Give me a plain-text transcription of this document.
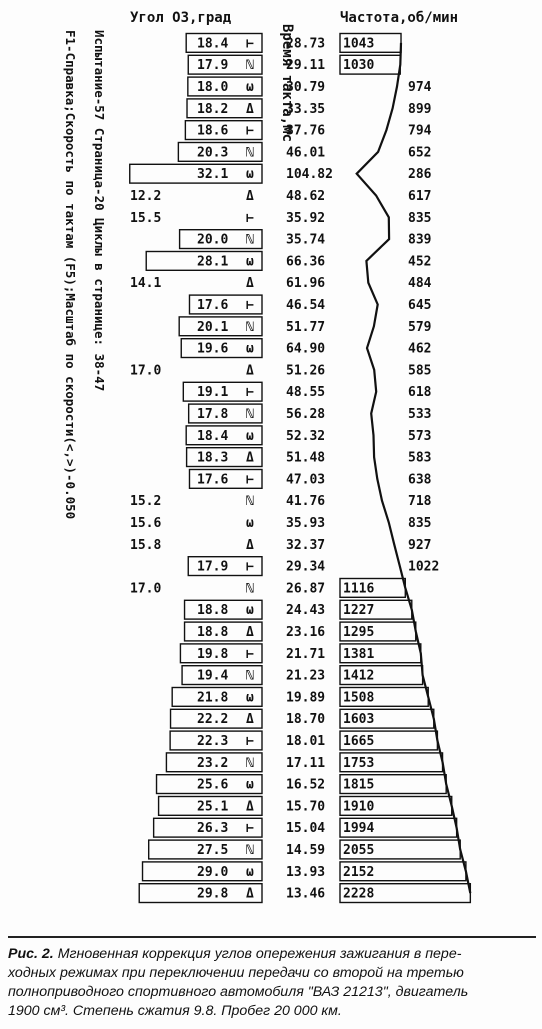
Угол ОЗ,град	Частота,об/мин
Время такта,мс
Испытание-57 Страница-20 Циклы в странице: 38-47
F1-Справка;Скорость по тактам (F5);Масштаб по скорости(<,>)-0.050	18.4 ⊢ 28.73 1043
17.9 ℕ 29.11 1030
18.0 ω 30.79	974
18.2 Δ 33.35	899
18.6 ⊢ 37.76	794
20.3 ℕ 46.01	652
32.1 ω 104.82	286
12.2	Δ 48.62	617
15.5	⊢ 35.92	835
20.0 ℕ 35.74	839
28.1 ω 66.36	452
14.1	Δ 61.96	484
17.6 ⊢ 46.54	645
20.1 ℕ 51.77	579
19.6 ω 64.90	462
17.0	Δ 51.26	585
19.1 ⊢ 48.55	618
17.8 ℕ 56.28	533
18.4 ω 52.32	573
18.3 Δ 51.48	583
17.6 ⊢ 47.03	638
15.2	ℕ 41.76	718
15.6	ω 35.93	835
15.8	Δ 32.37	927
17.9 ⊢ 29.34	1022
17.0	ℕ 26.87 1116
18.8 ω 24.43 1227
18.8 Δ 23.16 1295
19.8 ⊢ 21.71 1381
19.4 ℕ 21.23 1412
21.8 ω 19.89 1508
22.2 Δ 18.70 1603
22.3 ⊢ 18.01 1665
23.2 ℕ 17.11 1753
25.6 ω 16.52 1815
25.1 Δ 15.70 1910
26.3 ⊢ 15.04 1994
27.5 ℕ 14.59 2055
29.0 ω 13.93 2152
29.8 Δ 13.46 2228
Рис. 2. Мгновенная коррекция углов опережения зажигания в пере-
ходных режимах при переключении передачи со второй на третью
полноприводного спортивного автомобиля "ВАЗ 21213", двигатель
1900 см³. Степень сжатия 9.8. Пробег 20 000 км.
